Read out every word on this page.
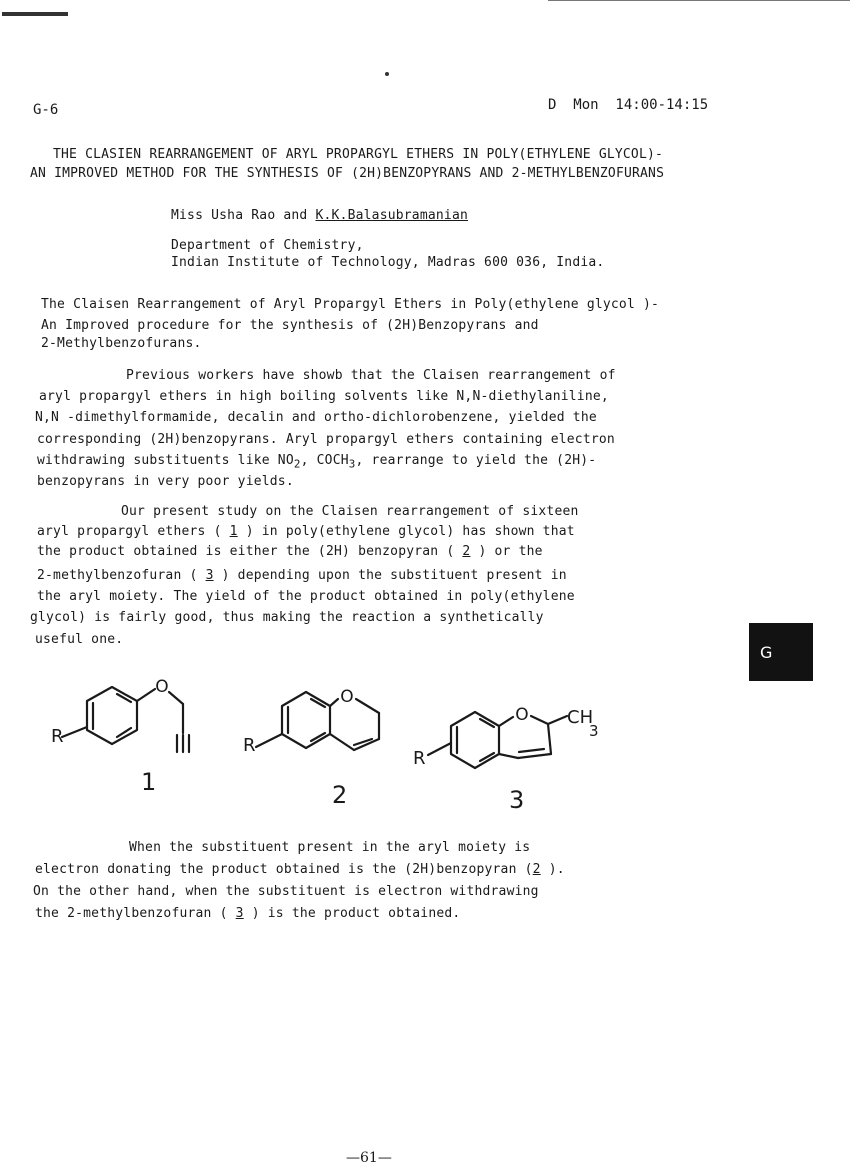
G-6	D  Mon  14:00-14:15
THE CLASIEN REARRANGEMENT OF ARYL PROPARGYL ETHERS IN POLY(ETHYLENE GLYCOL)-
AN IMPROVED METHOD FOR THE SYNTHESIS OF (2H)BENZOPYRANS AND 2-METHYLBENZOFURANS
Miss Usha Rao and K.K.Balasubramanian
Department of Chemistry,
Indian Institute of Technology, Madras 600 036, India.
The Claisen Rearrangement of Aryl Propargyl Ethers in Poly(ethylene glycol )-
An Improved procedure for the synthesis of (2H)Benzopyrans and
2-Methylbenzofurans.
Previous workers have showb that the Claisen rearrangement of
aryl propargyl ethers in high boiling solvents like N,N-diethylaniline,
N,N -dimethylformamide, decalin and ortho-dichlorobenzene, yielded the
corresponding (2H)benzopyrans. Aryl propargyl ethers containing electron
withdrawing substituents like $NO_2$, $COCH_3$, rearrange to yield the (2H)-
benzopyrans in very poor yields.
Our present study on the Claisen rearrangement of sixteen
aryl propargyl ethers ( 1 ) in poly(ethylene glycol) has shown that
the product obtained is either the (2H) benzopyran ( 2 ) or the
2-methylbenzofuran ( 3 ) depending upon the substituent present in
the aryl moiety. The yield of the product obtained in poly(ethylene
glycol) is fairly good, thus making the reaction a synthetically
useful one.
G
O
R
O
R
O
R
CH
3
1	2	3
When the substituent present in the aryl moiety is
electron donating the product obtained is the (2H)benzopyran (2 ).
On the other hand, when the substituent is electron withdrawing
the 2-methylbenzofuran ( 3 ) is the product obtained.
—61—
